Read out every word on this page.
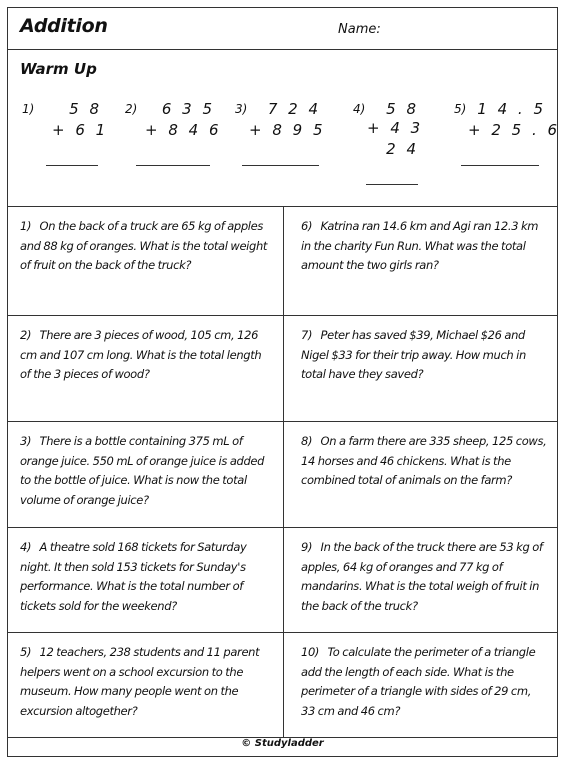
Addition	Name:
Warm Up
1)	5 8
+ 6 1
2)	6 3 5
+ 8 4 6
3)	7 2 4
+ 8 9 5
4)	5 8
+ 4 3
2 4
5) 1 4 . 5
+ 2 5 . 6
1) On the back of a truck are 65 kg of apples and 88 kg of oranges. What is the total weight of fruit on the back of the truck?
6) Katrina ran 14.6 km and Agi ran 12.3 km in the charity Fun Run. What was the total amount the two girls ran?
2) There are 3 pieces of wood, 105 cm, 126 cm and 107 cm long. What is the total length of the 3 pieces of wood?
7) Peter has saved $39, Michael $26 and Nigel $33 for their trip away. How much in total have they saved?
3) There is a bottle containing 375 mL of orange juice. 550 mL of orange juice is added to the bottle of juice. What is now the total volume of orange juice?
8) On a farm there are 335 sheep, 125 cows, 14 horses and 46 chickens. What is the combined total of animals on the farm?
4) A theatre sold 168 tickets for Saturday night. It then sold 153 tickets for Sunday's performance. What is the total number of tickets sold for the weekend?
9) In the back of the truck there are 53 kg of apples, 64 kg of oranges and 77 kg of mandarins. What is the total weigh of fruit in the back of the truck?
5) 12 teachers, 238 students and 11 parent helpers went on a school excursion to the museum. How many people went on the excursion altogether?
10) To calculate the perimeter of a triangle add the length of each side. What is the perimeter of a triangle with sides of 29 cm, 33 cm and 46 cm?
© Studyladder
